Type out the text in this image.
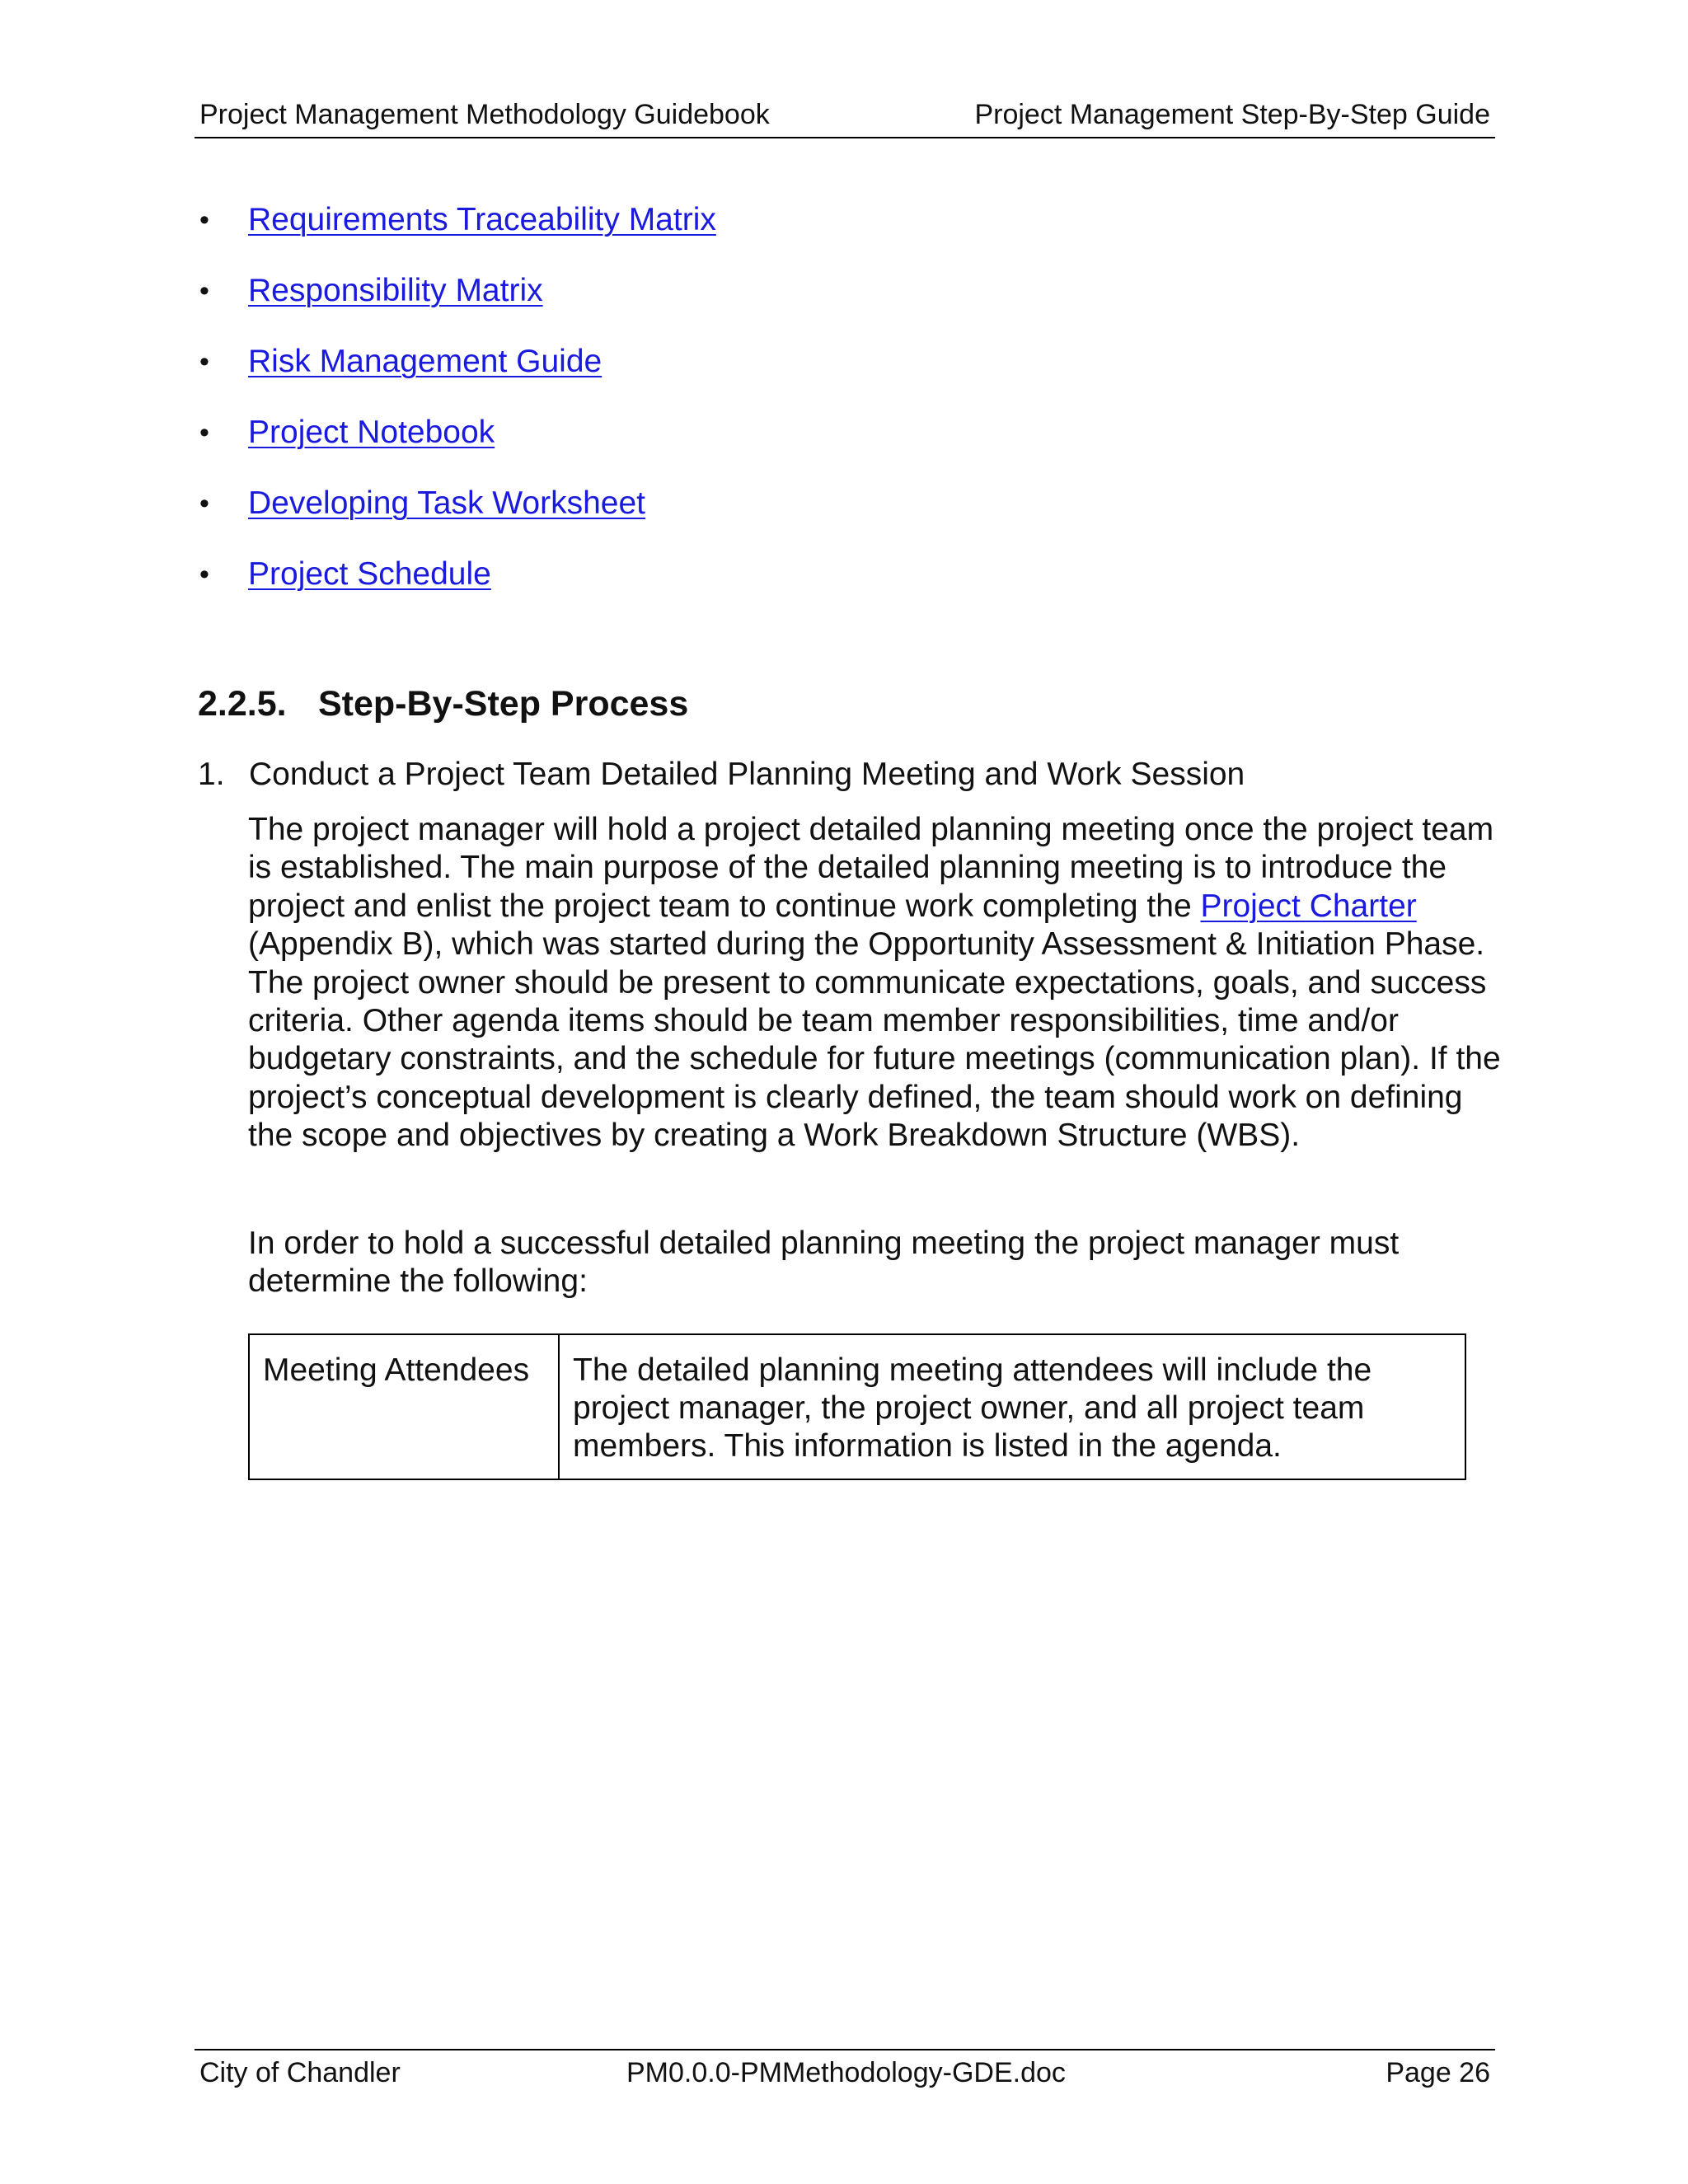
Project Management Methodology Guidebook	Project Management Step-By-Step Guide
• Requirements Traceability Matrix
• Responsibility Matrix
• Risk Management Guide
• Project Notebook
• Developing Task Worksheet
• Project Schedule
2.2.5. Step-By-Step Process
1. Conduct a Project Team Detailed Planning Meeting and Work Session

The project manager will hold a project detailed planning meeting once the project team is established. The main purpose of the detailed planning meeting is to introduce the project and enlist the project team to continue work completing the Project Charter (Appendix B), which was started during the Opportunity Assessment & Initiation Phase. The project owner should be present to communicate expectations, goals, and success criteria. Other agenda items should be team member responsibilities, time and/or budgetary constraints, and the schedule for future meetings (communication plan). If the project’s conceptual development is clearly defined, the team should work on defining the scope and objectives by creating a Work Breakdown Structure (WBS).

In order to hold a successful detailed planning meeting the project manager must determine the following:

Meeting Attendees	The detailed planning meeting attendees will include the project manager, the project owner, and all project team members. This information is listed in the agenda.
City of Chandler	PM0.0.0-PMMethodology-GDE.doc	Page 26
